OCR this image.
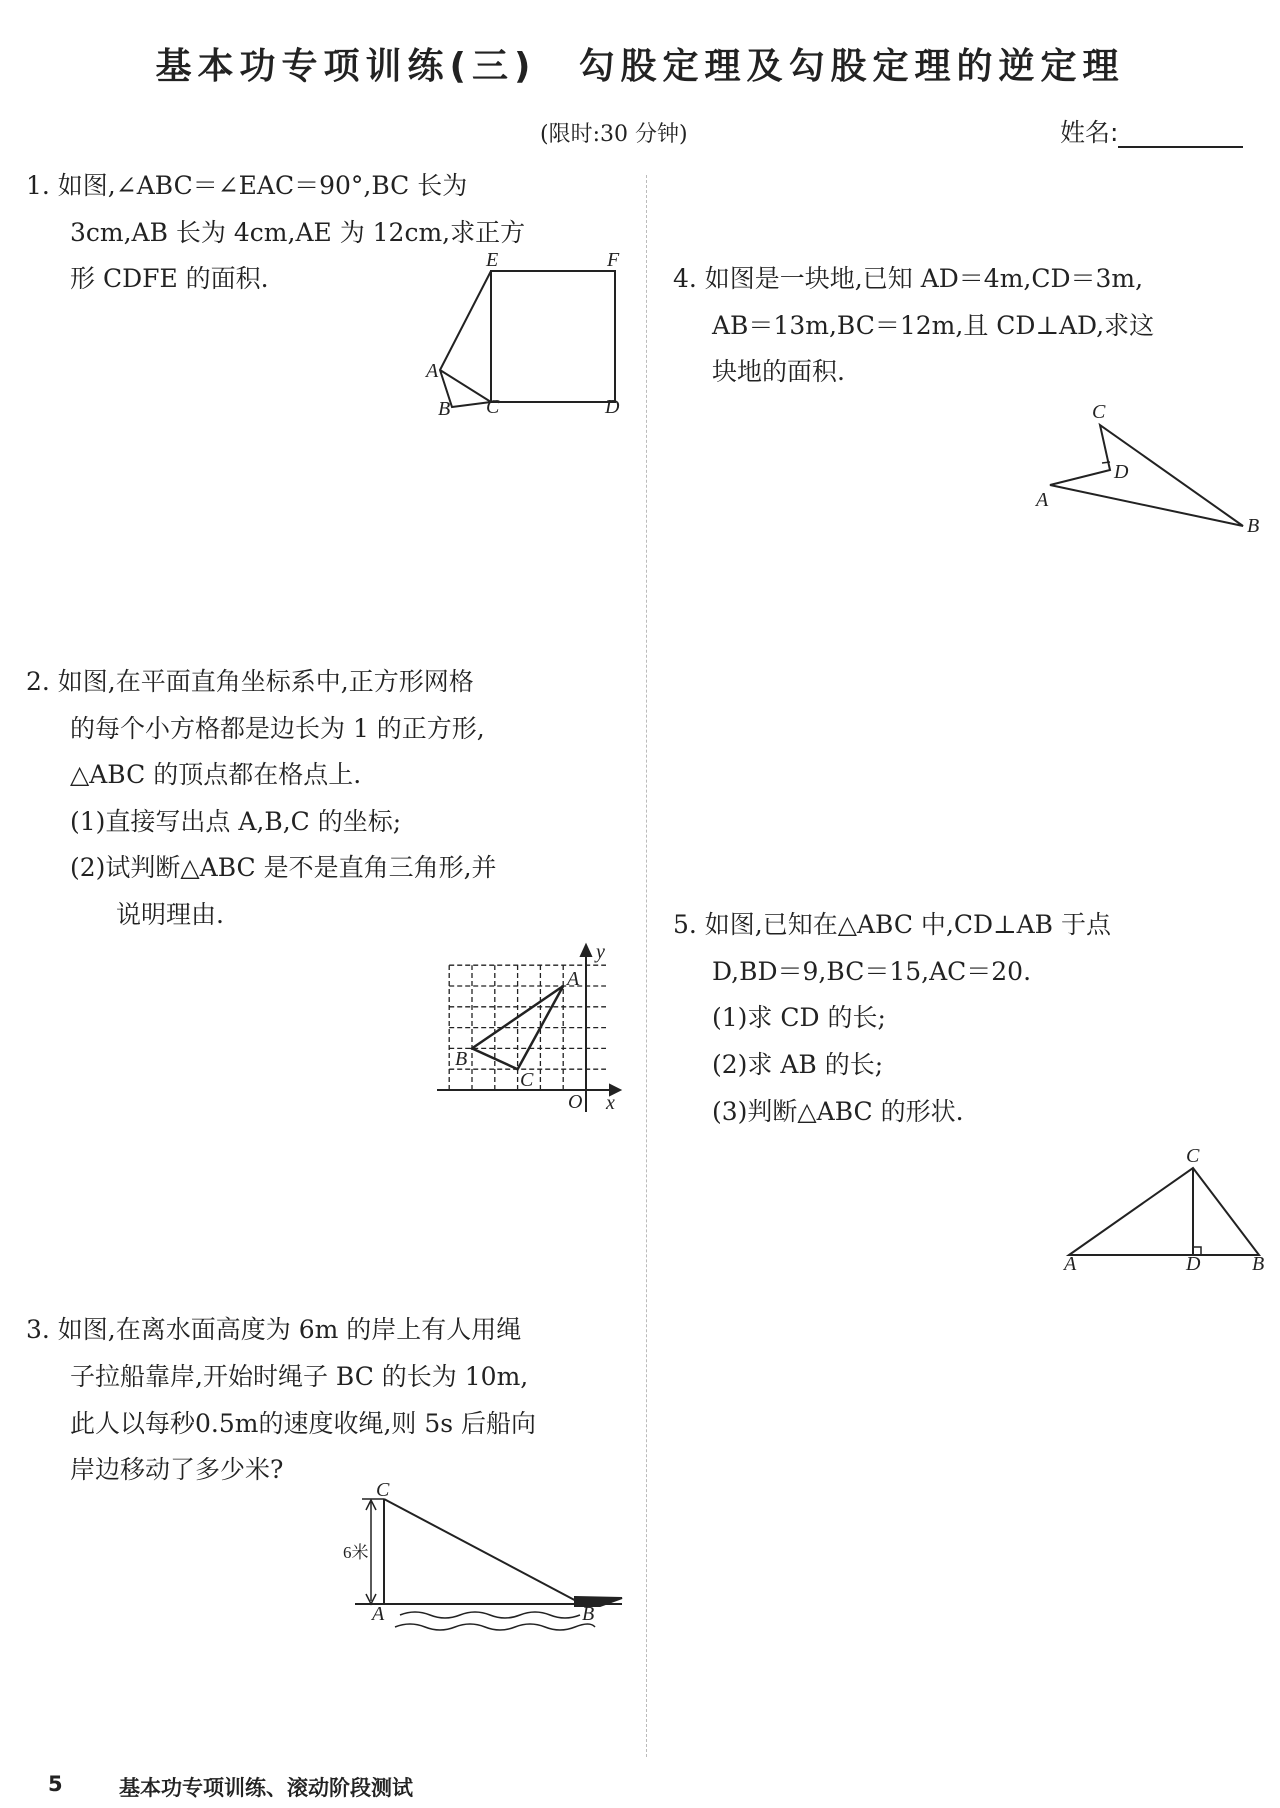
基本功专项训练(三)　勾股定理及勾股定理的逆定理
(限时:30 分钟)	姓名:
1. 如图,∠ABC＝∠EAC＝90°,BC 长为
3cm,AB 长为 4cm,AE 为 12cm,求正方
形 CDFE 的面积.	4. 如图是一块地,已知 AD＝4m,CD＝3m,
AB＝13m,BC＝12m,且 CD⊥AD,求这
块地的面积.
2. 如图,在平面直角坐标系中,正方形网格
的每个小方格都是边长为 1 的正方形,
△ABC 的顶点都在格点上.
(1)直接写出点 A,B,C 的坐标;
(2)试判断△ABC 是不是直角三角形,并
说明理由.	5. 如图,已知在△ABC 中,CD⊥AB 于点
D,BD＝9,BC＝15,AC＝20.
(1)求 CD 的长;
(2)求 AB 的长;
(3)判断△ABC 的形状.
3. 如图,在离水面高度为 6m 的岸上有人用绳
子拉船靠岸,开始时绳子 BC 的长为 10m,
此人以每秒0.5m的速度收绳,则 5s 后船向
岸边移动了多少米?
E	F
A
B C	D	C
D
A
B
A
B
C
O x
y
C
A	D	B
C
A	B
6米
5	基本功专项训练、滚动阶段测试
